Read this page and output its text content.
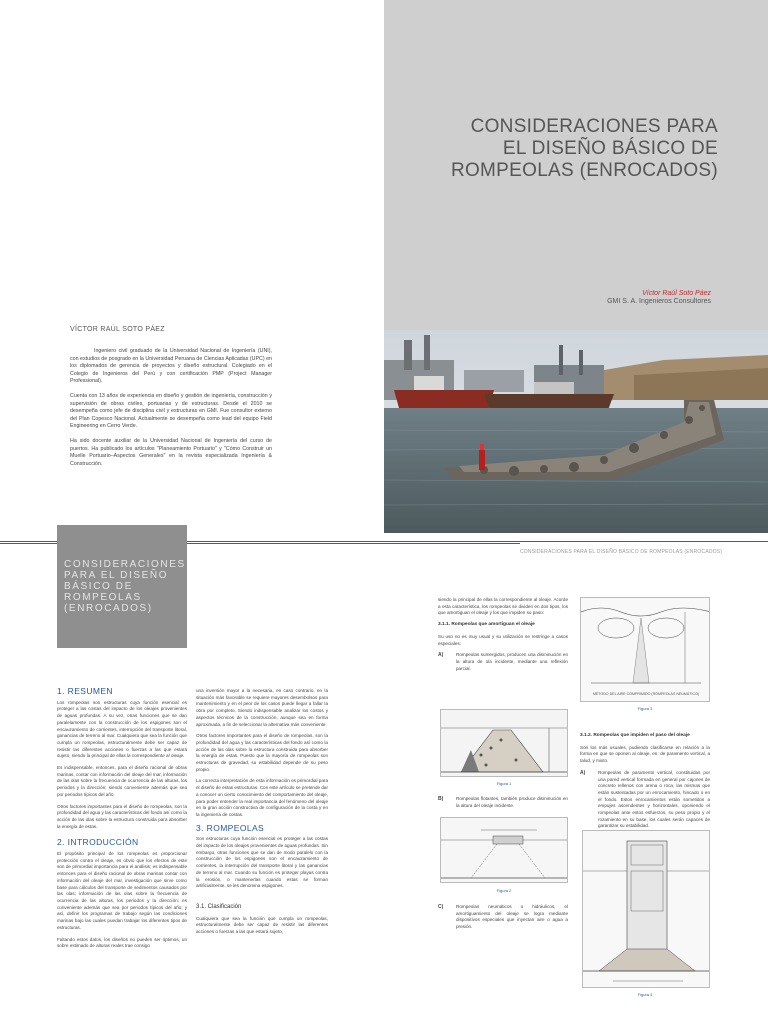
CONSIDERACIONES PARA
EL DISEÑO BÁSICO DE
ROMPEOLAS (ENROCADOS)
Víctor Raúl Soto Páez
GMI S. A. Ingenieros Consultores
VÍCTOR RAÚL SOTO PÁEZ

Ingeniero civil graduado de la Universidad Nacional de Ingeniería (UNI), con estudios de posgrado en la Universidad Peruana de Ciencias Aplicadas (UPC) en los diplomados de gerencia de proyectos y diseño estructural. Colegiado en el Colegio de Ingenieros del Perú y con certificación PMP (Project Manager Professional).

Cuenta con 13 años de experiencia en diseño y gestión de ingeniería, construcción y supervisión de obras civiles, portuarias y de estructuras. Desde el 2010 se desempeña como jefe de disciplina civil y estructuras en GMI. Fue consultor externo del Plan Copesco Nacional. Actualmente se desempeña como lead del equipo Field Engineering en Cerro Verde.

Ha sido docente auxiliar de la Universidad Nacional de Ingeniería del curso de puertos. Ha publicado los artículos "Planeamiento Portuario" y "Cómo Construir un Muelle Portuario–Aspectos Generales" en la revista especializada Ingeniería & Construcción.

CONSIDERACIONES
PARA EL DISEÑO
BÁSICO DE
ROMPEOLAS
(ENROCADOS)
CONSIDERACIONES PARA EL DISEÑO BÁSICO DE ROMPEOLAS (ENROCADOS)
1. RESUMEN

Los rompeolas son estructuras cuya función esencial es proteger a las costas del impacto de los oleajes provenientes de aguas profundas. A su vez, otras funciones que se dan paralelamente con la construcción de los espigones son el encauzamiento de corrientes, interrupción del transporte litoral, ganancias de terreno al mar. Cualquiera que sea la función que cumpla un rompeolas, estructuralmente debe ser capaz de resistir las diferentes acciones o fuerzas a las que estará sujeto, siendo la principal de ellas la correspondiente al oleaje.

Es indispensable, entonces, para el diseño racional de obras marinas, contar con información del oleaje del mar, información de las olas sobre la frecuencia de ocurrencia de las alturas, los periodos y la dirección; siendo conveniente además que sea por periodos típicos del año.

Otros factores importantes para el diseño de rompeolas, son la profundidad del agua y las características del fondo así como la acción de las olas sobre la estructura construida para absorber la energía de estas.

2. INTRODUCCIÓN

El propósito principal de los rompeolas es proporcionar protección contra el oleaje, es obvio que los efectos de este son de primordial importancia para el análisis; es indispensable entonces para el diseño racional de obras marinas contar con información del oleaje del mar, investigación que sirve como base para cálculos del transporte de sedimentos causados por las olas; información de las olas sobre la frecuencia de ocurrencia de las alturas, los periodos y la dirección; es conveniente además que sea por periodos típicos del año; y así, definir los programas de trabajo según las condiciones marinas bajo las cuales puedan trabajar los diferentes tipos de estructuras.

Faltando estos datos, los diseños no pueden ser óptimos, un sobre estimado de alturas reales trae consigo

una inversión mayor a la necesaria, en caso contrario, en la situación más favorable se requiere mayores desembolsos para mantenimiento y en el peor de los casos puede llegar a fallar la obra por completo. Siendo indispensable analizar los costos y aspectos técnicos de la construcción, aunque sea en forma aproximada, a fin de seleccionar la alternativa más conveniente.

Otros factores importantes para el diseño de rompeolas, son la profundidad del agua y las características del fondo así como la acción de las olas sobre la estructura construida para absorber la energía de estas. Puesto que la mayoría de rompeolas son estructuras de gravedad, su estabilidad depende de su peso propio.

La correcta interpretación de esta información es primordial para el diseño de estas estructuras. Con este artículo se pretende dar a conocer un cierto conocimiento del comportamiento del oleaje, para poder entender la real importancia del fenómeno del oleaje en la gran acción constructiva de configuración de la costa y en la ingeniería de costas.

3. ROMPEOLAS

Son estructuras cuya función esencial es proteger a las costas del impacto de los oleajes provenientes de aguas profundas. Sin embargo, otras funciones que se dan de modo paralelo con la construcción de los espigones son el encauzamiento de corrientes, la interrupción del transporte litoral y las ganancias de terreno al mar. Cuando su función es proteger playas contra la erosión, o mantenerlas cuando estas se forman artificialmente, se les denomina espigones.

3.1. Clasificación

Cualquiera que sea la función que cumpla un rompeolas, estructuralmente debe ser capaz de resistir las diferentes acciones o fuerzas a las que estará sujeto,

siendo la principal de ellas la correspondiente al oleaje. Acorde a esta característica, los rompeolas se dividen en dos tipos, los que amortiguan el oleaje y los que impiden su paso:

3.1.1. Rompeolas que amortiguan el oleaje

Su uso no es muy usual y su utilización se restringe a casos especiales:

A)	Rompeolas sumergidos, producen una disminución en la altura de ola incidente, mediante una reflexión parcial.
Figura 1
B)	Rompeolas flotantes, también produce disminución en la altura del oleaje incidente.
Figura 2
C)	Rompeolas neumáticos o hidráulicos, el amortiguamiento del oleaje se logra mediante dispositivos especiales que inyectan aire o agua a presión.
MÉTODO DEL AIRE COMPRIMIDO (ROMPEOLAS NEUMÁTICO)
Figura 3
3.1.2. Rompeolas que impiden el paso del oleaje

Son los más usuales, pudiendo clasificarse en relación a la forma en que se oponen al oleaje, en: de paramento vertical, a talud, y mixto.

A)	Rompeolas de paramento vertical, constituidas por una pared vertical formada en general por cajones de concreto rellenos con arena o roca, las mismas que están sustentadas por un enrocamiento, hincado o en el fondo. Estos enrocamientos están sometidos a empujes ascendentes y horizontales, oponiendo el rompeolas ante estos esfuerzos, su peso propio y el rozamiento en su base, los cuales serán capaces de garantizar su estabilidad.
Figura 4
